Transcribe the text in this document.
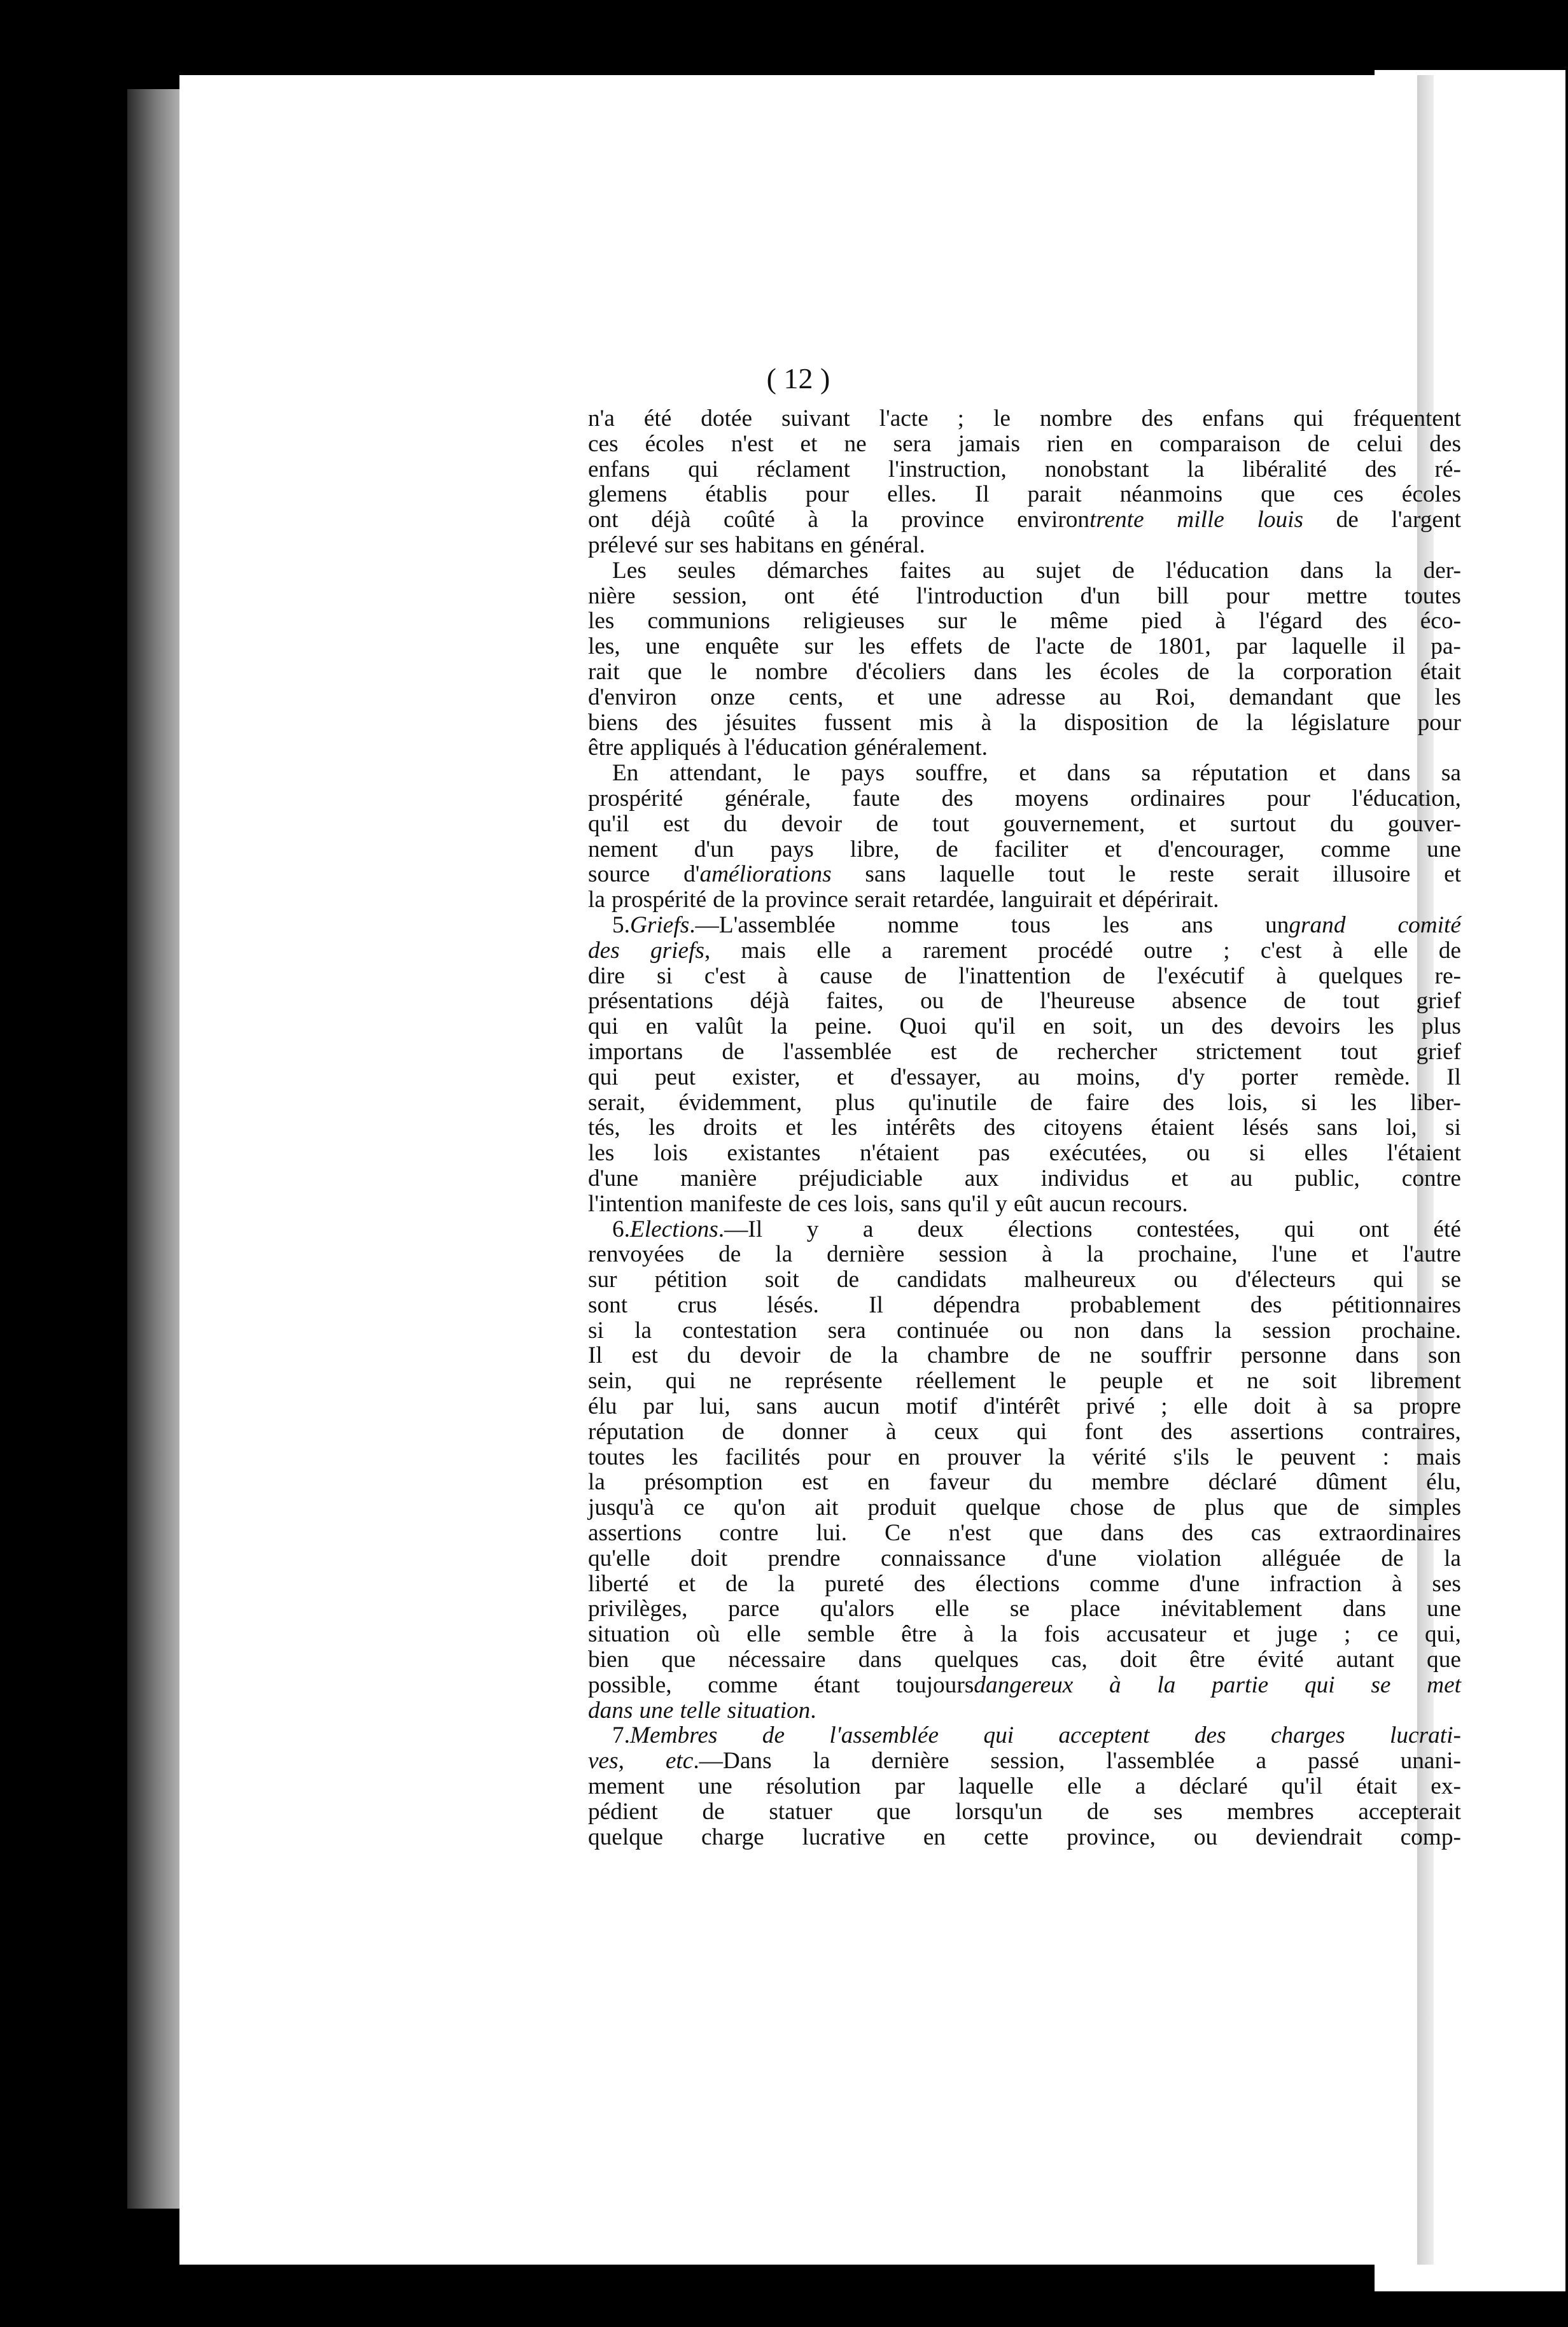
( 12 )
n'a été dotée suivant l'acte ; le nombre des enfans qui fréquentent
ces écoles n'est et ne sera jamais rien en comparaison de celui des
enfans qui réclament l'instruction, nonobstant la libéralité des ré-
glemens établis pour elles. Il parait néanmoins que ces écoles
ont déjà coûté à la province environtrente mille louis de l'argent
prélevé sur ses habitans en général.
Les seules démarches faites au sujet de l'éducation dans la der-
nière session, ont été l'introduction d'un bill pour mettre toutes
les communions religieuses sur le même pied à l'égard des éco-
les, une enquête sur les effets de l'acte de 1801, par laquelle il pa-
rait que le nombre d'écoliers dans les écoles de la corporation était
d'environ onze cents, et une adresse au Roi, demandant que les
biens des jésuites fussent mis à la disposition de la législature pour
être appliqués à l'éducation généralement.
En attendant, le pays souffre, et dans sa réputation et dans sa
prospérité générale, faute des moyens ordinaires pour l'éducation,
qu'il est du devoir de tout gouvernement, et surtout du gouver-
nement d'un pays libre, de faciliter et d'encourager, comme une
source d'améliorations sans laquelle tout le reste serait illusoire et
la prospérité de la province serait retardée, languirait et dépérirait.
5.Griefs.—L'assemblée nomme tous les ans ungrand comité
des griefs, mais elle a rarement procédé outre ; c'est à elle de
dire si c'est à cause de l'inattention de l'exécutif à quelques re-
présentations déjà faites, ou de l'heureuse absence de tout grief
qui en valût la peine. Quoi qu'il en soit, un des devoirs les plus
importans de l'assemblée est de rechercher strictement tout grief
qui peut exister, et d'essayer, au moins, d'y porter remède. Il
serait, évidemment, plus qu'inutile de faire des lois, si les liber-
tés, les droits et les intérêts des citoyens étaient lésés sans loi, si
les lois existantes n'étaient pas exécutées, ou si elles l'étaient
d'une manière préjudiciable aux individus et au public, contre
l'intention manifeste de ces lois, sans qu'il y eût aucun recours.
6.Elections.—Il y a deux élections contestées, qui ont été
renvoyées de la dernière session à la prochaine, l'une et l'autre
sur pétition soit de candidats malheureux ou d'électeurs qui se
sont crus lésés. Il dépendra probablement des pétitionnaires
si la contestation sera continuée ou non dans la session prochaine.
Il est du devoir de la chambre de ne souffrir personne dans son
sein, qui ne représente réellement le peuple et ne soit librement
élu par lui, sans aucun motif d'intérêt privé ; elle doit à sa propre
réputation de donner à ceux qui font des assertions contraires,
toutes les facilités pour en prouver la vérité s'ils le peuvent : mais
la présomption est en faveur du membre déclaré dûment élu,
jusqu'à ce qu'on ait produit quelque chose de plus que de simples
assertions contre lui. Ce n'est que dans des cas extraordinaires
qu'elle doit prendre connaissance d'une violation alléguée de la
liberté et de la pureté des élections comme d'une infraction à ses
privilèges, parce qu'alors elle se place inévitablement dans une
situation où elle semble être à la fois accusateur et juge ; ce qui,
bien que nécessaire dans quelques cas, doit être évité autant que
possible, comme étant toujoursdangereux à la partie qui se met
dans une telle situation.
7.Membres de l'assemblée qui acceptent des charges lucrati-
ves, etc.—Dans la dernière session, l'assemblée a passé unani-
mement une résolution par laquelle elle a déclaré qu'il était ex-
pédient de statuer que lorsqu'un de ses membres accepterait
quelque charge lucrative en cette province, ou deviendrait comp-
